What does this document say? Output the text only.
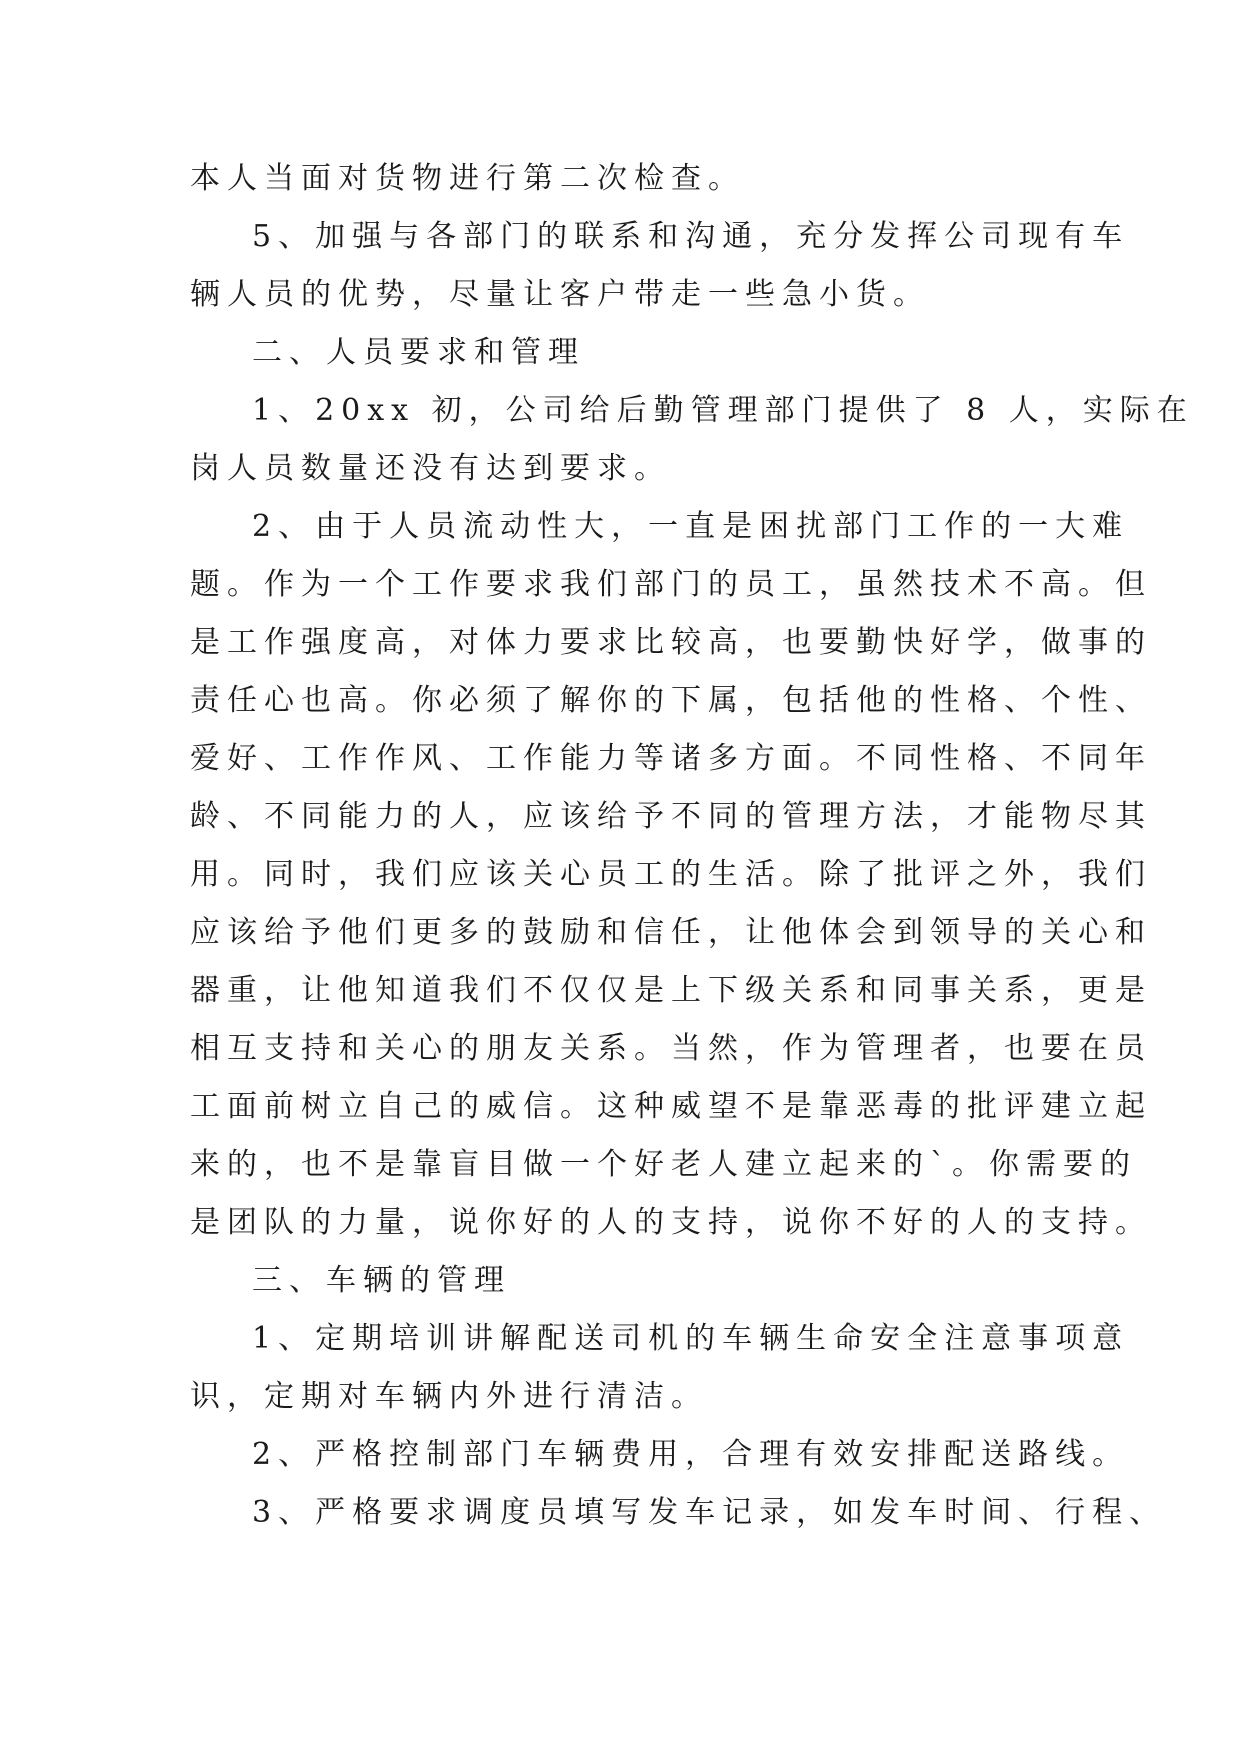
本人当面对货物进行第二次检查。
5、加强与各部门的联系和沟通，充分发挥公司现有车
辆人员的优势，尽量让客户带走一些急小货。
二、人员要求和管理
1、20xx 初，公司给后勤管理部门提供了 8 人，实际在
岗人员数量还没有达到要求。
2、由于人员流动性大，一直是困扰部门工作的一大难
题。作为一个工作要求我们部门的员工，虽然技术不高。但
是工作强度高，对体力要求比较高，也要勤快好学，做事的
责任心也高。你必须了解你的下属，包括他的性格、个性、
爱好、工作作风、工作能力等诸多方面。不同性格、不同年
龄、不同能力的人，应该给予不同的管理方法，才能物尽其
用。同时，我们应该关心员工的生活。除了批评之外，我们
应该给予他们更多的鼓励和信任，让他体会到领导的关心和
器重，让他知道我们不仅仅是上下级关系和同事关系，更是
相互支持和关心的朋友关系。当然，作为管理者，也要在员
工面前树立自己的威信。这种威望不是靠恶毒的批评建立起
来的，也不是靠盲目做一个好老人建立起来的`。你需要的
是团队的力量，说你好的人的支持，说你不好的人的支持。
三、车辆的管理
1、定期培训讲解配送司机的车辆生命安全注意事项意
识，定期对车辆内外进行清洁。
2、严格控制部门车辆费用，合理有效安排配送路线。
3、严格要求调度员填写发车记录，如发车时间、行程、
